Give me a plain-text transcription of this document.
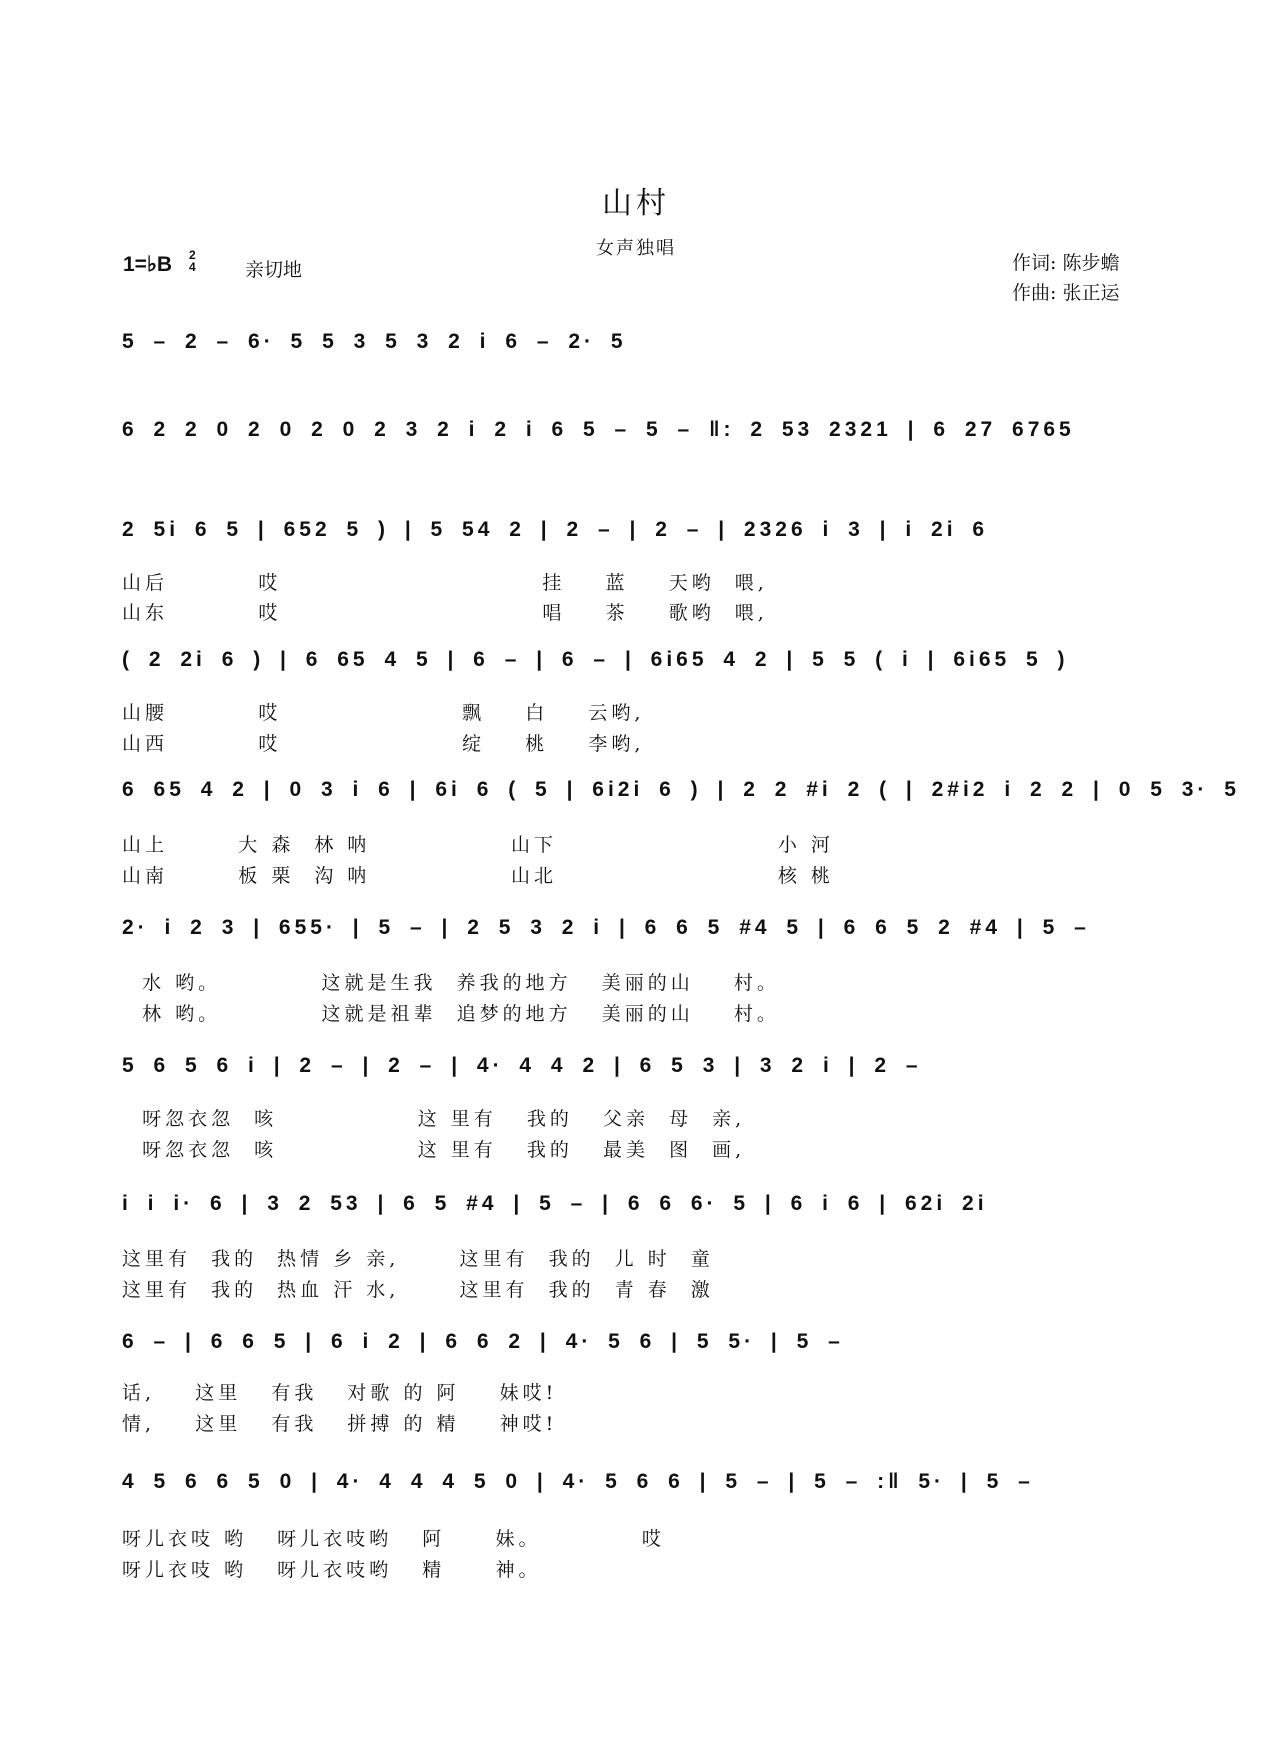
山村
女声独唱
1=♭B 2
4	亲切地	作词: 陈步蟾
作曲: 张正运
5 – 2 – 6· 5 5 3 5 3 2 i 6 – 2· 5
6 2 2 0 2 0 2 0 2 3 2 i 2 i 6 5 – 5 – ‖: 2 53 2321 | 6 27 6765
2 5i 6 5 | 652 5 ) | 5 54 2 | 2 – | 2 – | 2326 i 3 | i 2i 6
山后         哎                          挂    蓝    天哟  喂,
山东         哎                          唱    茶    歌哟  喂,
( 2 2i 6 ) | 6 65 4 5 | 6 – | 6 – | 6i65 4 2 | 5 5 ( i | 6i65 5 )
山腰         哎                  飘    白    云哟,
山西         哎                  绽    桃    李哟,
6 65 4 2 | 0 3 i 6 | 6i 6 ( 5 | 6i2i 6 ) | 2 2 #i 2 ( | 2#i2 i 2 2 | 0 5 3· 5
山上       大 森  林 呐              山下                      小 河
山南       板 栗  沟 呐              山北                      核 桃
2· i 2 3 | 655· | 5 – | 2 5 3 2 i | 6 6 5 #4 5 | 6 6 5 2 #4 | 5 –
水 哟。          这就是生我  养我的地方   美丽的山    村。
林 哟。          这就是祖辈  追梦的地方   美丽的山    村。
5 6 5 6 i | 2 – | 2 – | 4· 4 4 2 | 6 5 3 | 3 2 i | 2 –
呀忽衣忽  咳              这 里有   我的   父亲  母  亲,
呀忽衣忽  咳              这 里有   我的   最美  图  画,
i i i· 6 | 3 2 53 | 6 5 #4 | 5 – | 6 6 6· 5 | 6 i 6 | 62i 2i
这里有  我的  热情 乡 亲,      这里有  我的  儿 时  童
这里有  我的  热血 汗 水,      这里有  我的  青 春  激
6 – | 6 6 5 | 6 i 2 | 6 6 2 | 4· 5 6 | 5 5· | 5 –
话,    这里   有我   对歌 的 阿    妹哎!
情,    这里   有我   拼搏 的 精    神哎!
4 5 6 6 5 0 | 4· 4 4 4 5 0 | 4· 5 6 6 | 5 – | 5 – :‖ 5· | 5 –
呀儿衣吱 哟   呀儿衣吱哟   阿     妹。          哎
呀儿衣吱 哟   呀儿衣吱哟   精     神。
